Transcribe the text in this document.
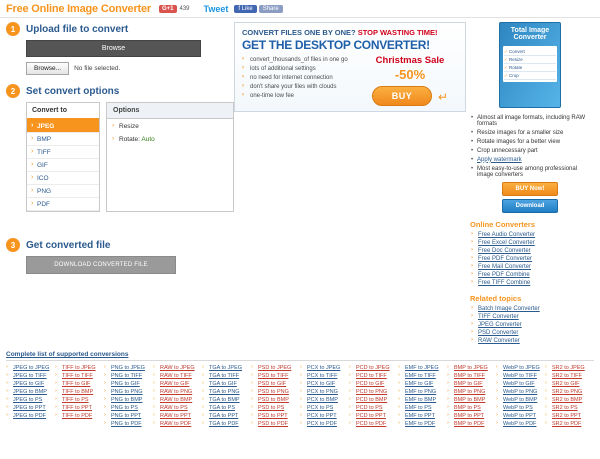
Free Online Image Converter	G+1	439 Tweet	f Like	Share
1	Upload file to convert
Browse
Browse...	No file selected.
2	Set convert options
Convert to
› JPEG
› BMP
› TIFF
› GIF
› ICO
› PNG
› PDF
Options
› Resize
› Rotate: Auto
3	Get converted file
DOWNLOAD CONVERTED FILE
CONVERT FILES ONE BY ONE? STOP WASTING TIME!
GET THE DESKTOP CONVERTER!
› convert_thousands_of files in one go
› lots of additional settings
› no need for internet connection
› don't share your files with clouds
› one-time low fee
Christmas Sale
-50%
BUY ↵
Total Image Converter
✓ Convert
✓ Resize
✓ Rotate
✓ Crop
• Almost all image formats, including RAW formats
• Resize images for a smaller size
• Rotate images for a better view
• Crop unnecessary part
• Apply watermark
• Most easy-to-use among professional image converters
BUY Now!
Download
Online Converters
› Free Audio Converter
› Free Excel Converter
› Free Doc Converter
› Free PDF Converter
› Free Mail Converter
› Free PDF Combine
› Free TIFF Combine
Related topics
› Batch Image Converter
› TIFF Converter
› JPEG Converter
› PSD Converter
› RAW Converter
Complete list of supported conversions
› JPEG to JPEG
› JPEG to TIFF
› JPEG to GIF
› JPEG to BMP
› JPEG to PS
› JPEG to PPT
› JPEG to PDF
› TIFF to JPEG
› TIFF to TIFF
› TIFF to GIF
› TIFF to BMP
› TIFF to PS
› TIFF to PPT
› TIFF to PDF
› PNG to JPEG
› PNG to TIFF
› PNG to GIF
› PNG to PNG
› PNG to BMP
› PNG to PS
› PNG to PPT
› PNG to PDF
› RAW to JPEG
› RAW to TIFF
› RAW to GIF
› RAW to PNG
› RAW to BMP
› RAW to PS
› RAW to PPT
› RAW to PDF
› TGA to JPEG
› TGA to TIFF
› TGA to GIF
› TGA to PNG
› TGA to BMP
› TGA to PS
› TGA to PPT
› TGA to PDF
› PSD to JPEG
› PSD to TIFF
› PSD to GIF
› PSD to PNG
› PSD to BMP
› PSD to PS
› PSD to PPT
› PSD to PDF
› PCX to JPEG
› PCX to TIFF
› PCX to GIF
› PCX to PNG
› PCX to BMP
› PCX to PS
› PCX to PPT
› PCX to PDF
› PCD to JPEG
› PCD to TIFF
› PCD to GIF
› PCD to PNG
› PCD to BMP
› PCD to PS
› PCD to PPT
› PCD to PDF
› EMF to JPEG
› EMF to TIFF
› EMF to GIF
› EMF to PNG
› EMF to BMP
› EMF to PS
› EMF to PPT
› EMF to PDF
› BMP to JPEG
› BMP to TIFF
› BMP to GIF
› BMP to PNG
› BMP to BMP
› BMP to PS
› BMP to PPT
› BMP to PDF
› WebP to JPEG
› WebP to TIFF
› WebP to GIF
› WebP to PNG
› WebP to BMP
› WebP to PS
› WebP to PPT
› WebP to PDF
› SR2 to JPEG
› SR2 to TIFF
› SR2 to GIF
› SR2 to PNG
› SR2 to BMP
› SR2 to PS
› SR2 to PPT
› SR2 to PDF
